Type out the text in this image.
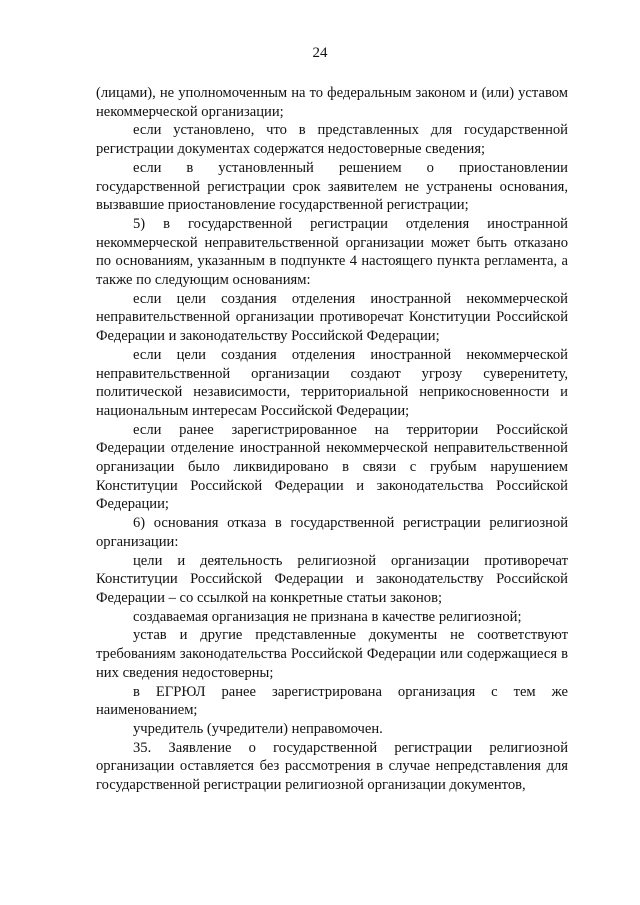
24

(лицами), не уполномоченным на то федеральным законом и (или) уставом некоммерческой организации;

если установлено, что в представленных для государственной регистрации документах содержатся недостоверные сведения;

если в установленный решением о приостановлении государственной регистрации срок заявителем не устранены основания, вызвавшие приостановление государственной регистрации;

5) в государственной регистрации отделения иностранной некоммерческой неправительственной организации может быть отказано по основаниям, указанным в подпункте 4 настоящего пункта регламента, а также по следующим основаниям:

если цели создания отделения иностранной некоммерческой неправительственной организации противоречат Конституции Российской Федерации и законодательству Российской Федерации;

если цели создания отделения иностранной некоммерческой неправительственной организации создают угрозу суверенитету, политической независимости, территориальной неприкосновенности и национальным интересам Российской Федерации;

если ранее зарегистрированное на территории Российской Федерации отделение иностранной некоммерческой неправительственной организации было ликвидировано в связи с грубым нарушением Конституции Российской Федерации и законодательства Российской Федерации;

6) основания отказа в государственной регистрации религиозной организации:

цели и деятельность религиозной организации противоречат Конституции Российской Федерации и законодательству Российской Федерации – со ссылкой на конкретные статьи законов;

создаваемая организация не признана в качестве религиозной;

устав и другие представленные документы не соответствуют требованиям законодательства Российской Федерации или содержащиеся в них сведения недостоверны;

в ЕГРЮЛ ранее зарегистрирована организация с тем же наименованием;

учредитель (учредители) неправомочен.

35. Заявление о государственной регистрации религиозной организации оставляется без рассмотрения в случае непредставления для государственной регистрации религиозной организации документов,
